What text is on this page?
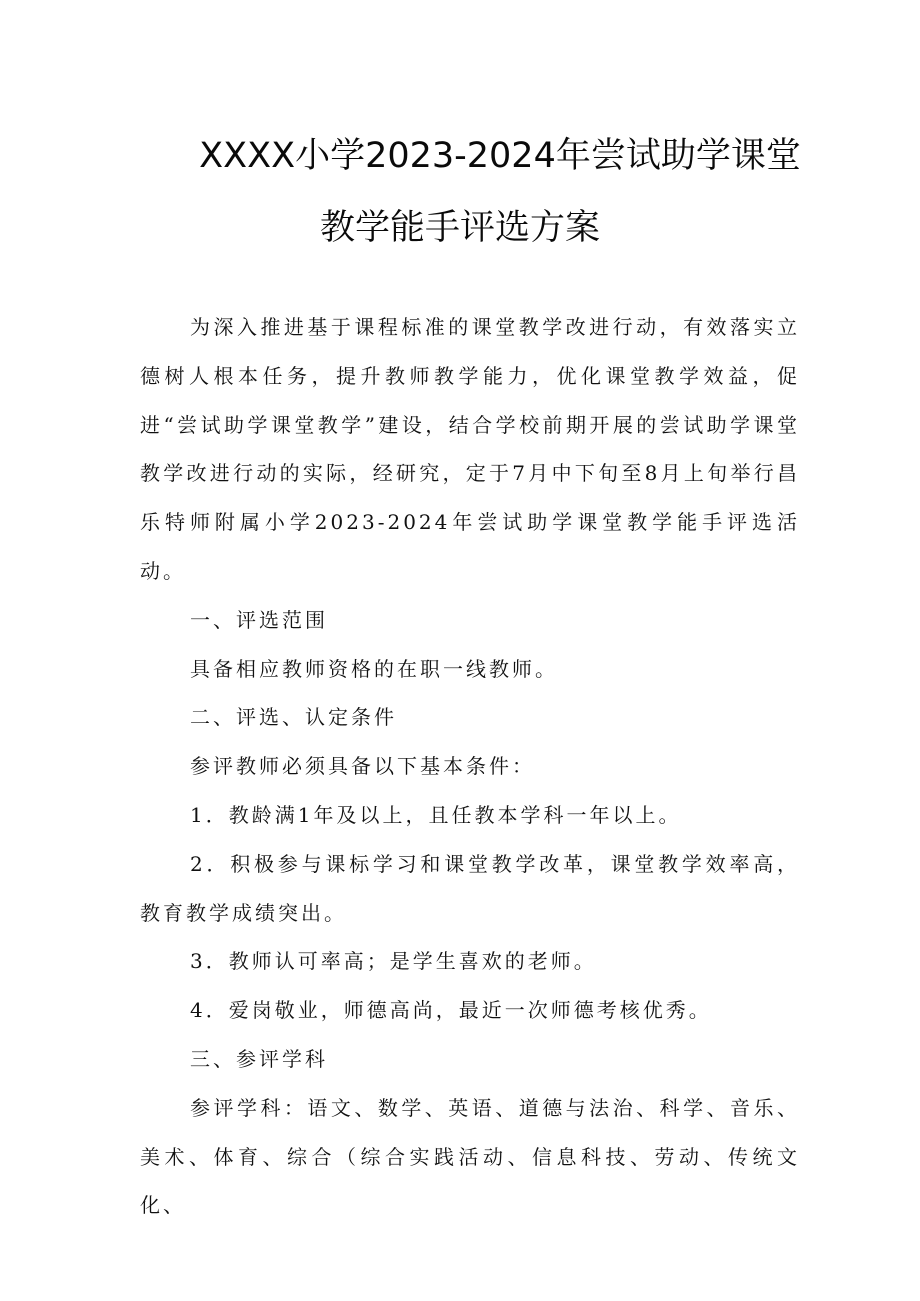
XXXX小学2023-2024年尝试助学课堂
教学能手评选方案

为深入推进基于课程标准的课堂教学改进行动，有效落实立德树人根本任务，提升教师教学能力，优化课堂教学效益，促进“尝试助学课堂教学”建设，结合学校前期开展的尝试助学课堂教学改进行动的实际，经研究，定于7月中下旬至8月上旬举行昌乐特师附属小学2023-2024年尝试助学课堂教学能手评选活动。

一、评选范围

具备相应教师资格的在职一线教师。

二、评选、认定条件

参评教师必须具备以下基本条件：

1．教龄满1年及以上，且任教本学科一年以上。

2．积极参与课标学习和课堂教学改革，课堂教学效率高，教育教学成绩突出。

3．教师认可率高；是学生喜欢的老师。

4．爱岗敬业，师德高尚，最近一次师德考核优秀。

三、参评学科

参评学科：语文、数学、英语、道德与法治、科学、音乐、美术、体育、综合（综合实践活动、信息科技、劳动、传统文化、
